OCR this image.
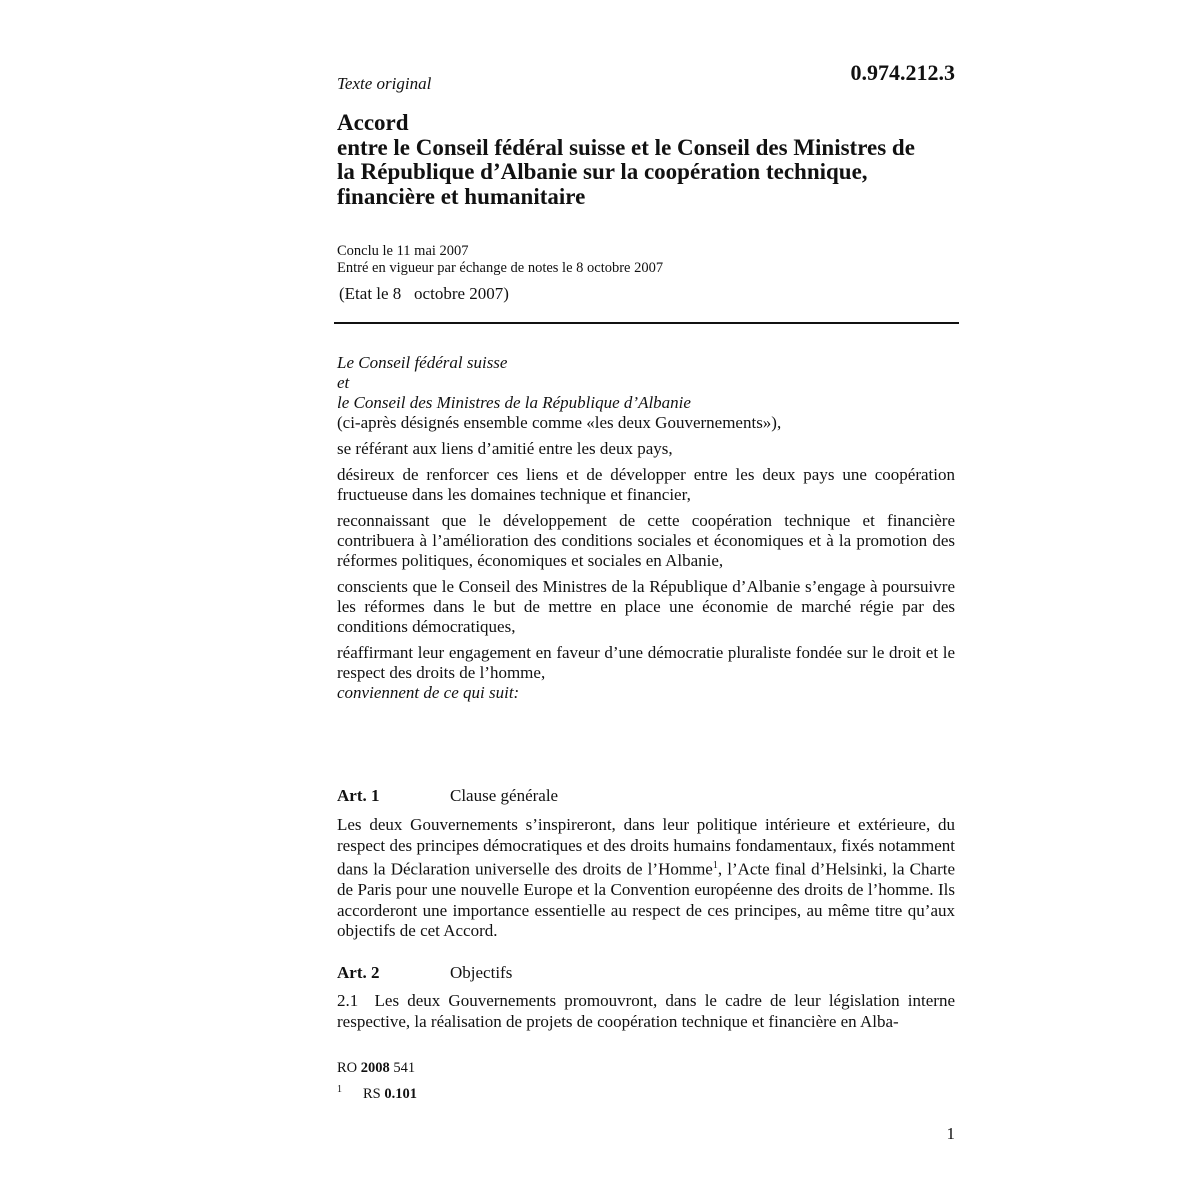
Texte original	0.974.212.3
Accord
entre le Conseil fédéral suisse et le Conseil des Ministres de
la République d’Albanie sur la coopération technique,
financière et humanitaire
Conclu le 11 mai 2007
Entré en vigueur par échange de notes le 8 octobre 2007
(Etat le 8   octobre 2007)

Le Conseil fédéral suisse

et

le Conseil des Ministres de la République d’Albanie

(ci-après désignés ensemble comme «les deux Gouvernements»),

se référant aux liens d’amitié entre les deux pays,

désireux de renforcer ces liens et de développer entre les deux pays une coopération fructueuse dans les domaines technique et financier,

reconnaissant que le développement de cette coopération technique et financière contribuera à l’amélioration des conditions sociales et économiques et à la promotion des réformes politiques, économiques et sociales en Albanie,

conscients que le Conseil des Ministres de la République d’Albanie s’engage à poursuivre les réformes dans le but de mettre en place une économie de marché régie par des conditions démocratiques,

réaffirmant leur engagement en faveur d’une démocratie pluraliste fondée sur le droit et le respect des droits de l’homme,

conviennent de ce qui suit:

Art. 1	Clause générale

Les deux Gouvernements s’inspireront, dans leur politique intérieure et extérieure, du respect des principes démocratiques et des droits humains fondamentaux, fixés notamment dans la Déclaration universelle des droits de l’Homme$^1$, l’Acte final d’Helsinki, la Charte de Paris pour une nouvelle Europe et la Convention européenne des droits de l’homme. Ils accorderont une importance essentielle au respect de ces principes, au même titre qu’aux objectifs de cet Accord.

Art. 2	Objectifs

2.1  Les deux Gouvernements promouvront, dans le cadre de leur législation interne respective, la réalisation de projets de coopération technique et financière en Alba-

RO 2008 541
1 RS 0.101
1
